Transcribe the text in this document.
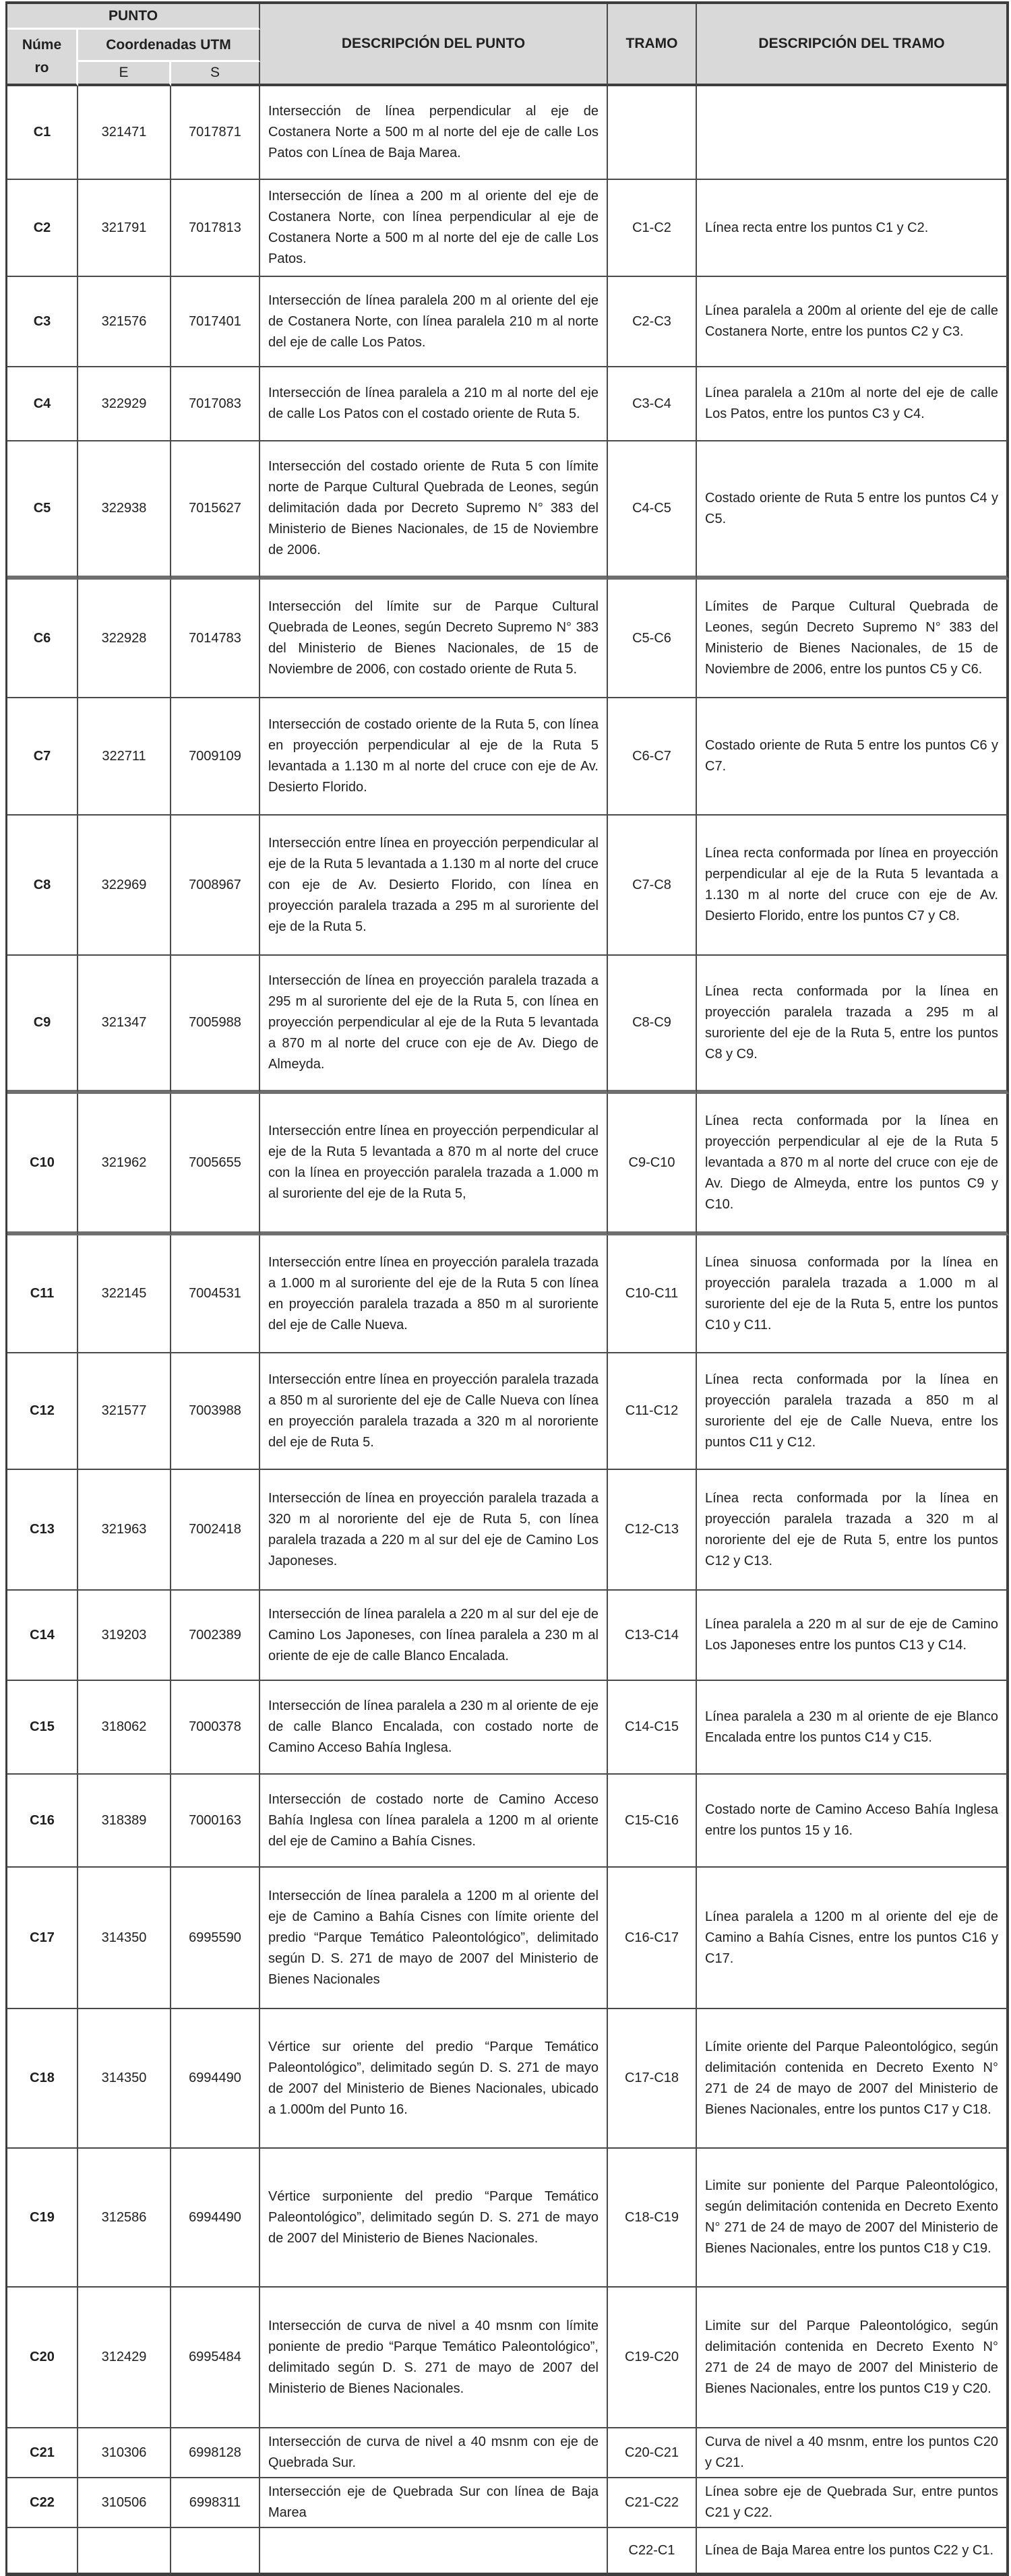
PUNTO			DESCRIPCIÓN DEL PUNTO	TRAMO	DESCRIPCIÓN DEL TRAMO
Número	Coordenadas UTM				
	E	S			
C1	321471	7017871	Intersección de línea perpendicular al eje de Costanera Norte a 500 m al norte del eje de calle Los Patos con Línea de Baja Marea.		
C2	321791	7017813	Intersección de línea a 200 m al oriente del eje de Costanera Norte, con línea perpendicular al eje de Costanera Norte a 500 m al norte del eje de calle Los Patos.	C1-C2	Línea recta entre los puntos C1 y C2.
C3	321576	7017401	Intersección de línea paralela 200 m al oriente del eje de Costanera Norte, con línea paralela 210 m al norte del eje de calle Los Patos.	C2-C3	Línea paralela a 200m al oriente del eje de calle Costanera Norte, entre los puntos C2 y C3.
C4	322929	7017083	Intersección de línea paralela a 210 m al norte del eje de calle Los Patos con el costado oriente de Ruta 5.	C3-C4	Línea paralela a 210m al norte del eje de calle Los Patos, entre los puntos C3 y C4.
C5	322938	7015627	Intersección del costado oriente de Ruta 5 con límite norte de Parque Cultural Quebrada de Leones, según delimitación dada por Decreto Supremo N° 383 del Ministerio de Bienes Nacionales, de 15 de Noviembre de 2006.	C4-C5	Costado oriente de Ruta 5 entre los puntos C4 y C5.
C6	322928	7014783	Intersección del límite sur de Parque Cultural Quebrada de Leones, según Decreto Supremo N° 383 del Ministerio de Bienes Nacionales, de 15 de Noviembre de 2006, con costado oriente de Ruta 5.	C5-C6	Límites de Parque Cultural Quebrada de Leones, según Decreto Supremo N° 383 del Ministerio de Bienes Nacionales, de 15 de Noviembre de 2006, entre los puntos C5 y C6.
C7	322711	7009109	Intersección de costado oriente de la Ruta 5, con línea en proyección perpendicular al eje de la Ruta 5 levantada a 1.130 m al norte del cruce con eje de Av. Desierto Florido.	C6-C7	Costado oriente de Ruta 5 entre los puntos C6 y C7.
C8	322969	7008967	Intersección entre línea en proyección perpendicular al eje de la Ruta 5 levantada a 1.130 m al norte del cruce con eje de Av. Desierto Florido, con línea en proyección paralela trazada a 295 m al suroriente del eje de la Ruta 5.	C7-C8	Línea recta conformada por línea en proyección perpendicular al eje de la Ruta 5 levantada a 1.130 m al norte del cruce con eje de Av. Desierto Florido, entre los puntos C7 y C8.
C9	321347	7005988	Intersección de línea en proyección paralela trazada a 295 m al suroriente del eje de la Ruta 5, con línea en proyección perpendicular al eje de la Ruta 5 levantada a 870 m al norte del cruce con eje de Av. Diego de Almeyda.	C8-C9	Línea recta conformada por la línea en proyección paralela trazada a 295 m al suroriente del eje de la Ruta 5, entre los puntos C8 y C9.
C10	321962	7005655	Intersección entre línea en proyección perpendicular al eje de la Ruta 5 levantada a 870 m al norte del cruce con la línea en proyección paralela trazada a 1.000 m al suroriente del eje de la Ruta 5,	C9-C10	Línea recta conformada por la línea en proyección perpendicular al eje de la Ruta 5 levantada a 870 m al norte del cruce con eje de Av. Diego de Almeyda, entre los puntos C9 y C10.
C11	322145	7004531	Intersección entre línea en proyección paralela trazada a 1.000 m al suroriente del eje de la Ruta 5 con línea en proyección paralela trazada a 850 m al suroriente del eje de Calle Nueva.	C10-C11	Línea sinuosa conformada por la línea en proyección paralela trazada a 1.000 m al suroriente del eje de la Ruta 5, entre los puntos C10 y C11.
C12	321577	7003988	Intersección entre línea en proyección paralela trazada a 850 m al suroriente del eje de Calle Nueva con línea en proyección paralela trazada a 320 m al nororiente del eje de Ruta 5.	C11-C12	Línea recta conformada por la línea en proyección paralela trazada a 850 m al suroriente del eje de Calle Nueva, entre los puntos C11 y C12.
C13	321963	7002418	Intersección de línea en proyección paralela trazada a 320 m al nororiente del eje de Ruta 5, con línea paralela trazada a 220 m al sur del eje de Camino Los Japoneses.	C12-C13	Línea recta conformada por la línea en proyección paralela trazada a 320 m al nororiente del eje de Ruta 5, entre los puntos C12 y C13.
C14	319203	7002389	Intersección de línea paralela a 220 m al sur del eje de Camino Los Japoneses, con línea paralela a 230 m al oriente de eje de calle Blanco Encalada.	C13-C14	Línea paralela a 220 m al sur de eje de Camino Los Japoneses entre los puntos C13 y C14.
C15	318062	7000378	Intersección de línea paralela a 230 m al oriente de eje de calle Blanco Encalada, con costado norte de Camino Acceso Bahía Inglesa.	C14-C15	Línea paralela a 230 m al oriente de eje Blanco Encalada entre los puntos C14 y C15.
C16	318389	7000163	Intersección de costado norte de Camino Acceso Bahía Inglesa con línea paralela a 1200 m al oriente del eje de Camino a Bahía Cisnes.	C15-C16	Costado norte de Camino Acceso Bahía Inglesa entre los puntos 15 y 16.
C17	314350	6995590	Intersección de línea paralela a 1200 m al oriente del eje de Camino a Bahía Cisnes con límite oriente del predio “Parque Temático Paleontológico”, delimitado según D. S. 271 de mayo de 2007 del Ministerio de Bienes Nacionales	C16-C17	Línea paralela a 1200 m al oriente del eje de Camino a Bahía Cisnes, entre los puntos C16 y C17.
C18	314350	6994490	Vértice sur oriente del predio “Parque Temático Paleontológico”, delimitado según D. S. 271 de mayo de 2007 del Ministerio de Bienes Nacionales, ubicado a 1.000m del Punto 16.	C17-C18	Límite oriente del Parque Paleontológico, según delimitación contenida en Decreto Exento N° 271 de 24 de mayo de 2007 del Ministerio de Bienes Nacionales, entre los puntos C17 y C18.
C19	312586	6994490	Vértice surponiente del predio “Parque Temático Paleontológico”, delimitado según D. S. 271 de mayo de 2007 del Ministerio de Bienes Nacionales.	C18-C19	Limite sur poniente del Parque Paleontológico, según delimitación contenida en Decreto Exento N° 271 de 24 de mayo de 2007 del Ministerio de Bienes Nacionales, entre los puntos C18 y C19.
C20	312429	6995484	Intersección de curva de nivel a 40 msnm con límite poniente de predio “Parque Temático Paleontológico”, delimitado según D. S. 271 de mayo de 2007 del Ministerio de Bienes Nacionales.	C19-C20	Limite sur del Parque Paleontológico, según delimitación contenida en Decreto Exento N° 271 de 24 de mayo de 2007 del Ministerio de Bienes Nacionales, entre los puntos C19 y C20.
C21	310306	6998128	Intersección de curva de nivel a 40 msnm con eje de Quebrada Sur.	C20-C21	Curva de nivel a 40 msnm, entre los puntos C20 y C21.
C22	310506	6998311	Intersección eje de Quebrada Sur con línea de Baja Marea	C21-C22	Línea sobre eje de Quebrada Sur, entre puntos C21 y C22.
				C22-C1	Línea de Baja Marea entre los puntos C22 y C1.
